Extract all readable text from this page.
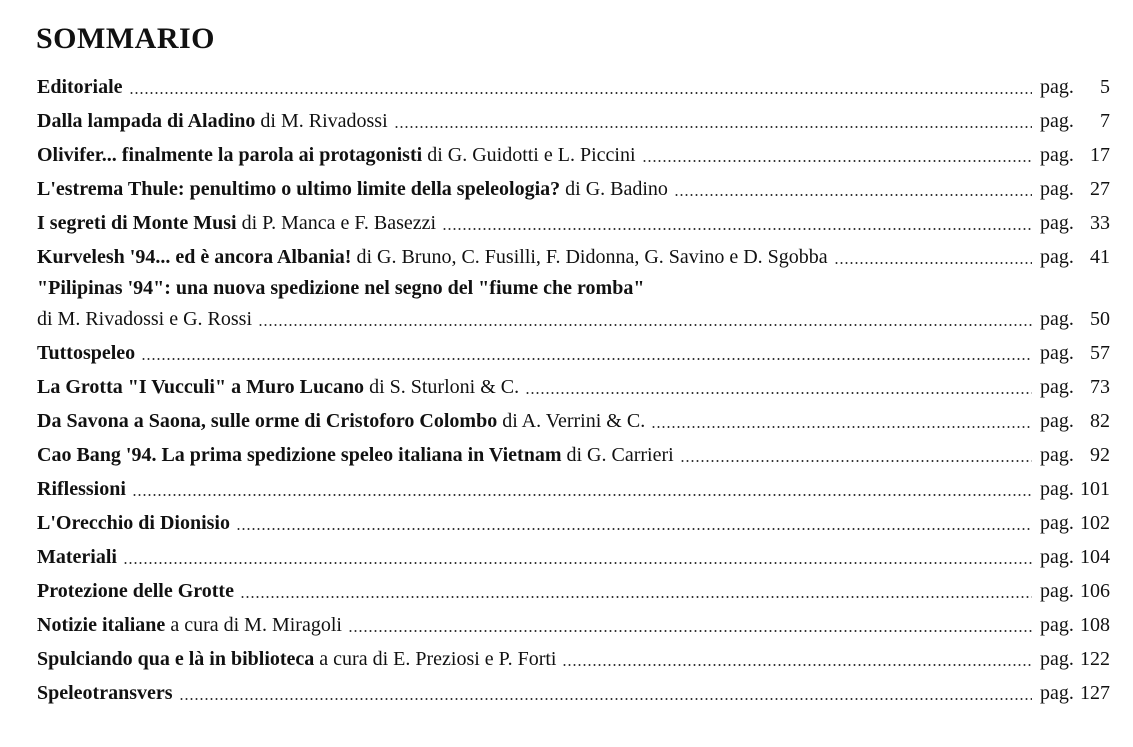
SOMMARIO
Editoriale	pag.	5
Dalla lampada di Aladino
di M. Rivadossi	pag.	7
Olivifer... finalmente la parola ai protagonisti
di G. Guidotti e L. Piccini	pag. 17
L'estrema Thule: penultimo o ultimo limite della speleologia?
di G. Badino	pag. 27
I segreti di Monte Musi
di P. Manca e F. Basezzi	pag. 33
Kurvelesh '94... ed è ancora Albania!
di G. Bruno, C. Fusilli, F. Didonna, G. Savino e D. Sgobba	pag. 41
"Pilipinas '94": una nuova spedizione nel segno del "fiume che romba"
di M. Rivadossi e G. Rossi	pag. 50
Tuttospeleo	pag. 57
La Grotta "I Vucculi" a Muro Lucano
di S. Sturloni & C.	pag. 73
Da Savona a Saona, sulle orme di Cristoforo Colombo
di A. Verrini & C.	pag. 82
Cao Bang '94. La prima spedizione speleo italiana in Vietnam
di G. Carrieri	pag. 92
Riflessioni	pag. 101
L'Orecchio di Dionisio	pag. 102
Materiali	pag. 104
Protezione delle Grotte	pag. 106
Notizie italiane
a cura di M. Miragoli	pag. 108
Spulciando qua e là in biblioteca
a cura di E. Preziosi e P. Forti	pag. 122
Speleotransvers	pag. 127
